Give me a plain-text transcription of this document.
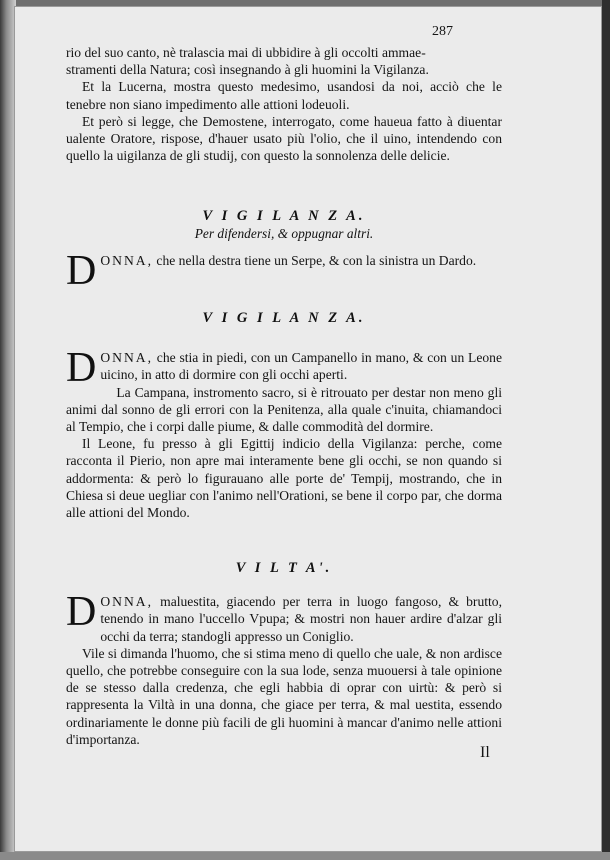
287

rio del suo canto, nè tralascia mai di ubbidire à gli occolti ammae-

stramenti della Natura; così insegnando à gli huomini la Vigilanza.

Et la Lucerna, mostra questo medesimo, usandosi da noi, acciò che le tenebre non siano impedimento alle attioni lodeuoli.

Et però si legge, che Demostene, interrogato, come haueua fatto à diuentar ualente Oratore, rispose, d'hauer usato più l'olio, che il uino, intendendo con quello la uigilanza de gli studij, con questo la sonnolenza delle delicie.

V I G I L A N Z A.
Per difendersi, & oppugnar altri.

DONNA, che nella destra tiene un Serpe, & con la sinistra un Dardo.

V I G I L A N Z A.

DONNA, che stia in piedi, con un Campanello in mano, & con un Leone uicino, in atto di dormire con gli occhi aperti.

La Campana, instromento sacro, si è ritrouato per destar non meno gli animi dal sonno de gli errori con la Penitenza, alla quale c'inuita, chiamandoci al Tempio, che i corpi dalle piume, & dalle commodità del dormire.

Il Leone, fu presso à gli Egittij indicio della Vigilanza: perche, come racconta il Pierio, non apre mai interamente bene gli occhi, se non quando si addormenta: & però lo figurauano alle porte de' Tempij, mostrando, che in Chiesa si deue uegliar con l'animo nell'Orationi, se bene il corpo par, che dorma alle attioni del Mondo.

V I L T A'.

DONNA, maluestita, giacendo per terra in luogo fangoso, & brutto, tenendo in mano l'uccello Vpupa; & mostri non hauer ardire d'alzar gli occhi da terra; standogli appresso un Coniglio.

Vile si dimanda l'huomo, che si stima meno di quello che uale, & non ardisce quello, che potrebbe conseguire con la sua lode, senza muouersi à tale opinione de se stesso dalla credenza, che egli habbia di oprar con uirtù: & però si rappresenta la Viltà in una donna, che giace per terra, & mal uestita, essendo ordinariamente le donne più facili de gli huomini à mancar d'animo nelle attioni d'importanza.

Il
